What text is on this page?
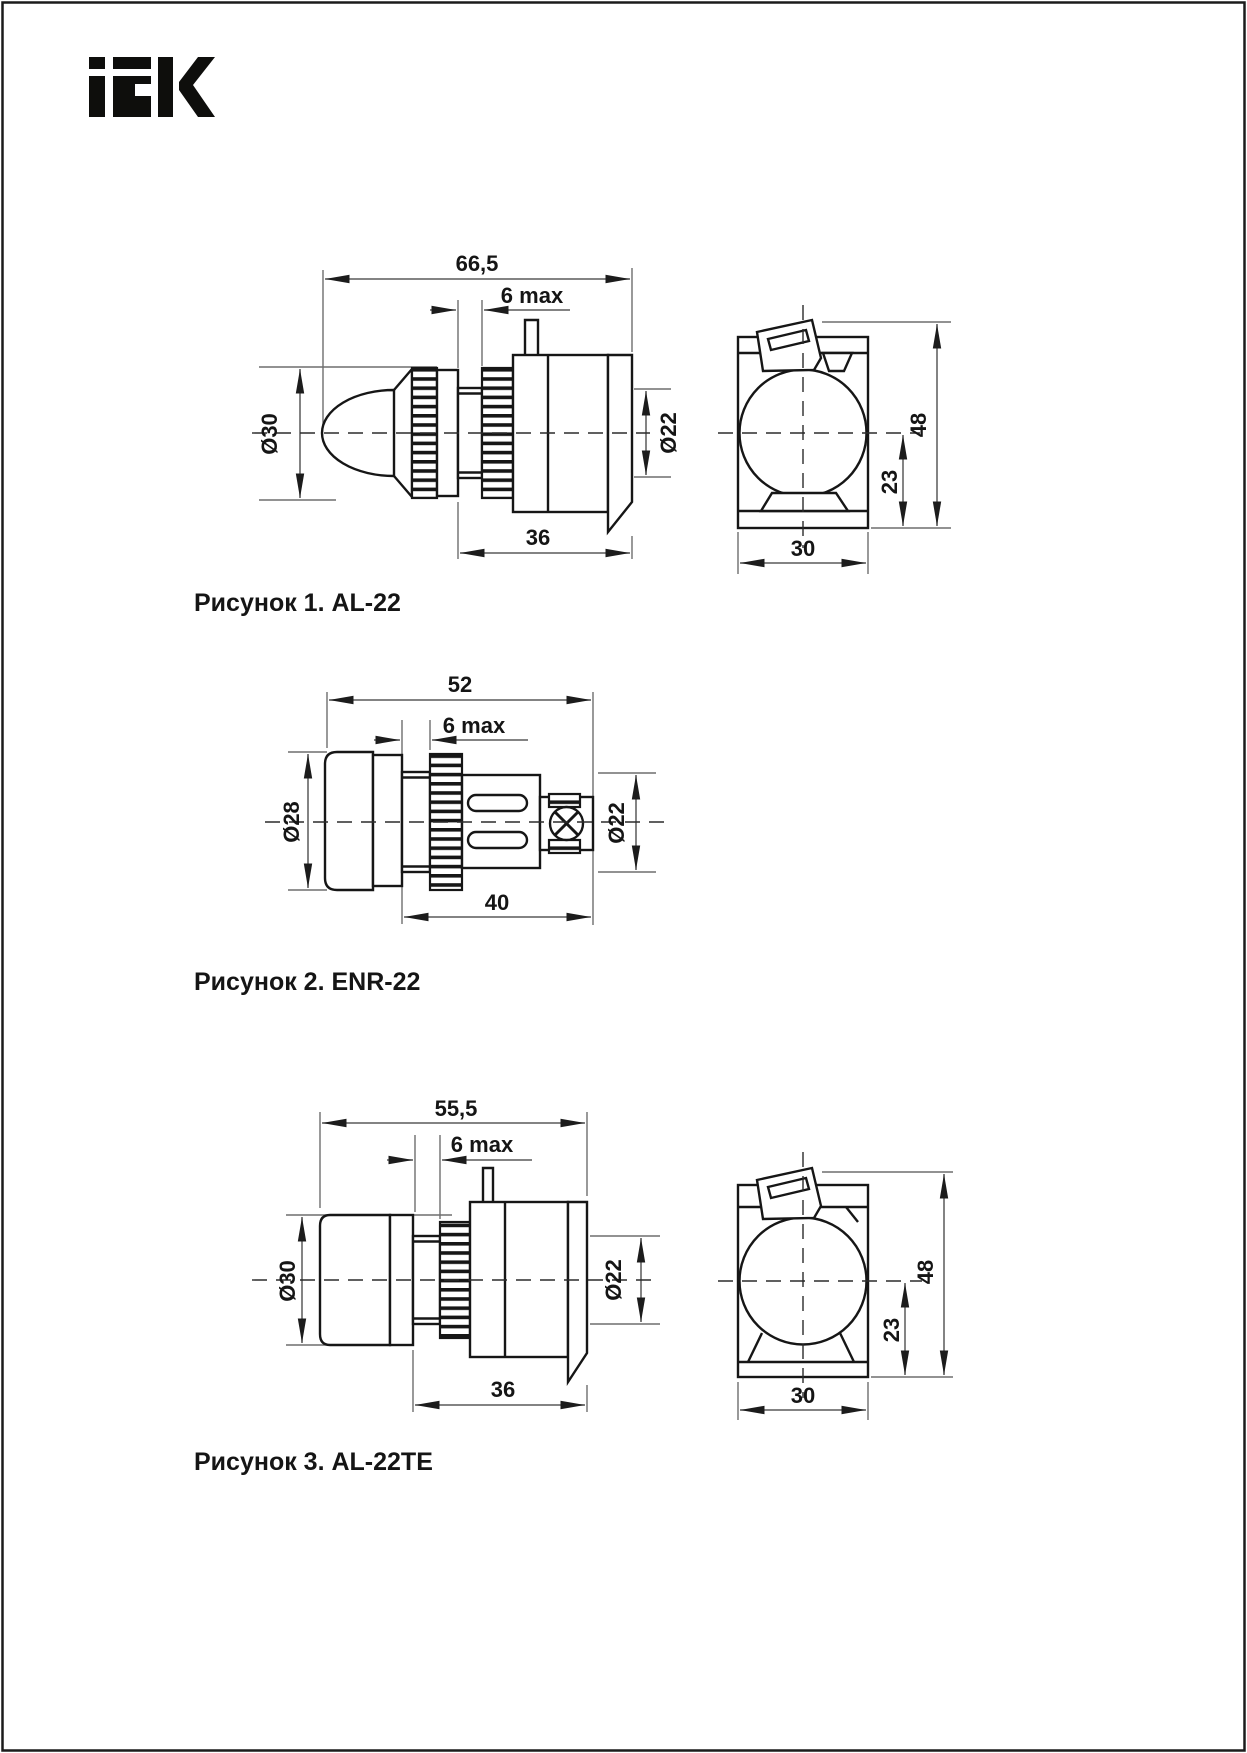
66,5
6 max
Ø30	Ø22
36
48
23
30
Рисунок 1. AL-22
52
6 max
Ø28	Ø22
40
Рисунок 2. ENR-22
55,5
6 max
Ø30	Ø22
36
48
23
30
Рисунок 3. AL-22TE
